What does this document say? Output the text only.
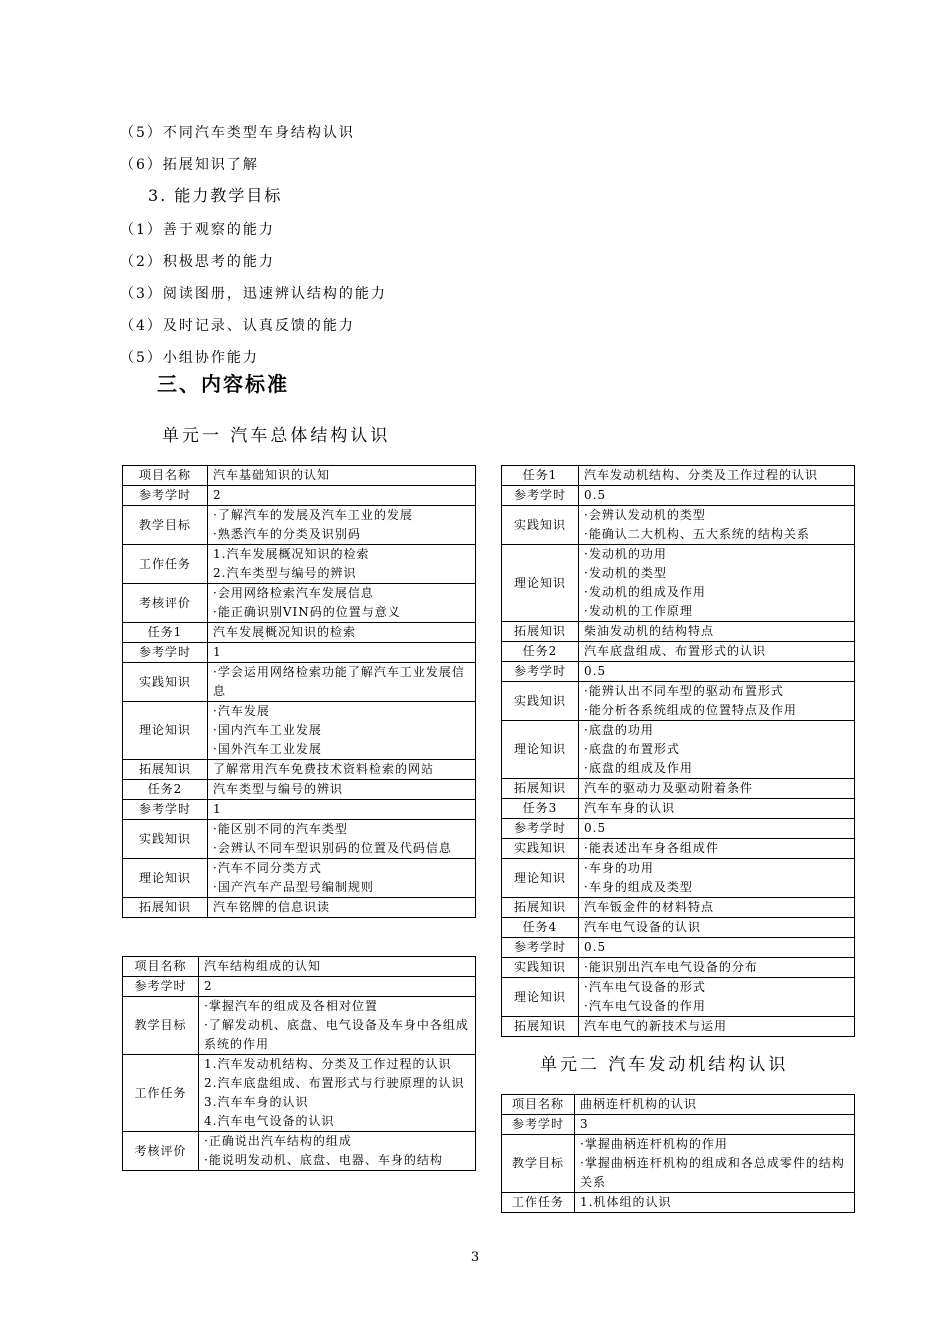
（5）不同汽车类型车身结构认识
（6）拓展知识了解
3. 能力教学目标
（1）善于观察的能力
（2）积极思考的能力
（3）阅读图册，迅速辨认结构的能力
（4）及时记录、认真反馈的能力
（5）小组协作能力
三、内容标准
单元一 汽车总体结构认识
单元二 汽车发动机结构认识
项目名称	汽车基础知识的认知

参考学时	2

教学目标	·了解汽车的发展及汽车工业的发展
·熟悉汽车的分类及识别码

工作任务	1.汽车发展概况知识的检索
2.汽车类型与编号的辨识

考核评价	·会用网络检索汽车发展信息
·能正确识别VIN码的位置与意义

任务1	汽车发展概况知识的检索

参考学时	1

实践知识	·学会运用网络检索功能了解汽车工业发展信息

理论知识	·汽车发展
·国内汽车工业发展
·国外汽车工业发展

拓展知识	了解常用汽车免费技术资料检索的网站

任务2	汽车类型与编号的辨识

参考学时	1

实践知识	·能区别不同的汽车类型
·会辨认不同车型识别码的位置及代码信息

理论知识	·汽车不同分类方式
·国产汽车产品型号编制规则

拓展知识	汽车铭牌的信息识读
项目名称	汽车结构组成的认知

参考学时	2

教学目标	·掌握汽车的组成及各相对位置
·了解发动机、底盘、电气设备及车身中各组成系统的作用

工作任务	1.汽车发动机结构、分类及工作过程的认识
2.汽车底盘组成、布置形式与行驶原理的认识
3.汽车车身的认识
4.汽车电气设备的认识

考核评价	·正确说出汽车结构的组成
·能说明发动机、底盘、电器、车身的结构
任务1	汽车发动机结构、分类及工作过程的认识

参考学时	0.5

实践知识	·会辨认发动机的类型
·能确认二大机构、五大系统的结构关系

理论知识	·发动机的功用
·发动机的类型
·发动机的组成及作用
·发动机的工作原理

拓展知识	柴油发动机的结构特点

任务2	汽车底盘组成、布置形式的认识

参考学时	0.5

实践知识	·能辨认出不同车型的驱动布置形式
·能分析各系统组成的位置特点及作用

理论知识	·底盘的功用
·底盘的布置形式
·底盘的组成及作用

拓展知识	汽车的驱动力及驱动附着条件

任务3	汽车车身的认识

参考学时	0.5

实践知识	·能表述出车身各组成件

理论知识	·车身的功用
·车身的组成及类型

拓展知识	汽车钣金件的材料特点

任务4	汽车电气设备的认识

参考学时	0.5

实践知识	·能识别出汽车电气设备的分布

理论知识	·汽车电气设备的形式
·汽车电气设备的作用

拓展知识	汽车电气的新技术与运用
项目名称	曲柄连杆机构的认识

参考学时	3

教学目标	·掌握曲柄连杆机构的作用
·掌握曲柄连杆机构的组成和各总成零件的结构关系

工作任务	1.机体组的认识
3
